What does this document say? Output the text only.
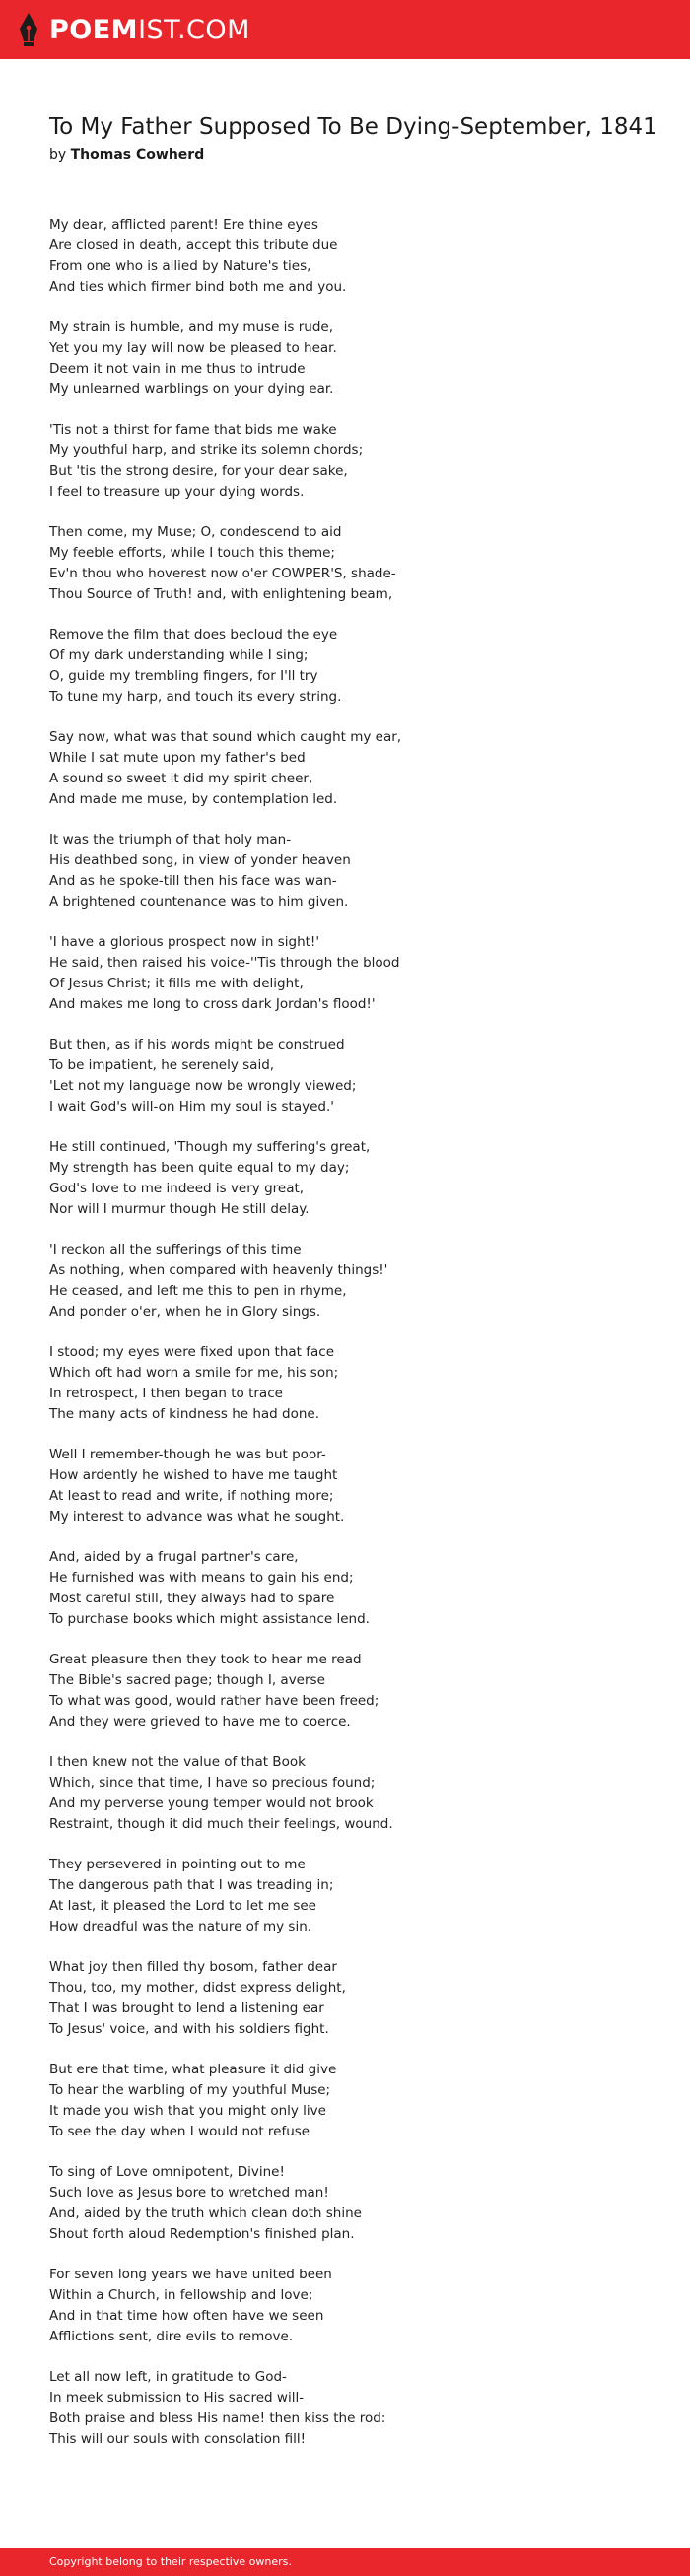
POEMIST.COM
To My Father Supposed To Be Dying-September, 1841
by Thomas Cowherd
My dear, afflicted parent! Ere thine eyes
Are closed in death, accept this tribute due
From one who is allied by Nature's ties,
And ties which firmer bind both me and you.
My strain is humble, and my muse is rude,
Yet you my lay will now be pleased to hear.
Deem it not vain in me thus to intrude
My unlearned warblings on your dying ear.
'Tis not a thirst for fame that bids me wake
My youthful harp, and strike its solemn chords;
But 'tis the strong desire, for your dear sake,
I feel to treasure up your dying words.
Then come, my Muse; O, condescend to aid
My feeble efforts, while I touch this theme;
Ev'n thou who hoverest now o'er COWPER'S, shade-
Thou Source of Truth! and, with enlightening beam,
Remove the film that does becloud the eye
Of my dark understanding while I sing;
O, guide my trembling fingers, for I'll try
To tune my harp, and touch its every string.
Say now, what was that sound which caught my ear,
While I sat mute upon my father's bed
A sound so sweet it did my spirit cheer,
And made me muse, by contemplation led.
It was the triumph of that holy man-
His deathbed song, in view of yonder heaven
And as he spoke-till then his face was wan-
A brightened countenance was to him given.
'I have a glorious prospect now in sight!'
He said, then raised his voice-''Tis through the blood
Of Jesus Christ; it fills me with delight,
And makes me long to cross dark Jordan's flood!'
But then, as if his words might be construed
To be impatient, he serenely said,
'Let not my language now be wrongly viewed;
I wait God's will-on Him my soul is stayed.'
He still continued, 'Though my suffering's great,
My strength has been quite equal to my day;
God's love to me indeed is very great,
Nor will I murmur though He still delay.
'I reckon all the sufferings of this time
As nothing, when compared with heavenly things!'
He ceased, and left me this to pen in rhyme,
And ponder o'er, when he in Glory sings.
I stood; my eyes were fixed upon that face
Which oft had worn a smile for me, his son;
In retrospect, I then began to trace
The many acts of kindness he had done.
Well I remember-though he was but poor-
How ardently he wished to have me taught
At least to read and write, if nothing more;
My interest to advance was what he sought.
And, aided by a frugal partner's care,
He furnished was with means to gain his end;
Most careful still, they always had to spare
To purchase books which might assistance lend.
Great pleasure then they took to hear me read
The Bible's sacred page; though I, averse
To what was good, would rather have been freed;
And they were grieved to have me to coerce.
I then knew not the value of that Book
Which, since that time, I have so precious found;
And my perverse young temper would not brook
Restraint, though it did much their feelings, wound.
They persevered in pointing out to me
The dangerous path that I was treading in;
At last, it pleased the Lord to let me see
How dreadful was the nature of my sin.
What joy then filled thy bosom, father dear
Thou, too, my mother, didst express delight,
That I was brought to lend a listening ear
To Jesus' voice, and with his soldiers fight.
But ere that time, what pleasure it did give
To hear the warbling of my youthful Muse;
It made you wish that you might only live
To see the day when I would not refuse
To sing of Love omnipotent, Divine!
Such love as Jesus bore to wretched man!
And, aided by the truth which clean doth shine
Shout forth aloud Redemption's finished plan.
For seven long years we have united been
Within a Church, in fellowship and love;
And in that time how often have we seen
Afflictions sent, dire evils to remove.
Let all now left, in gratitude to God-
In meek submission to His sacred will-
Both praise and bless His name! then kiss the rod:
This will our souls with consolation fill!
Copyright belong to their respective owners.
